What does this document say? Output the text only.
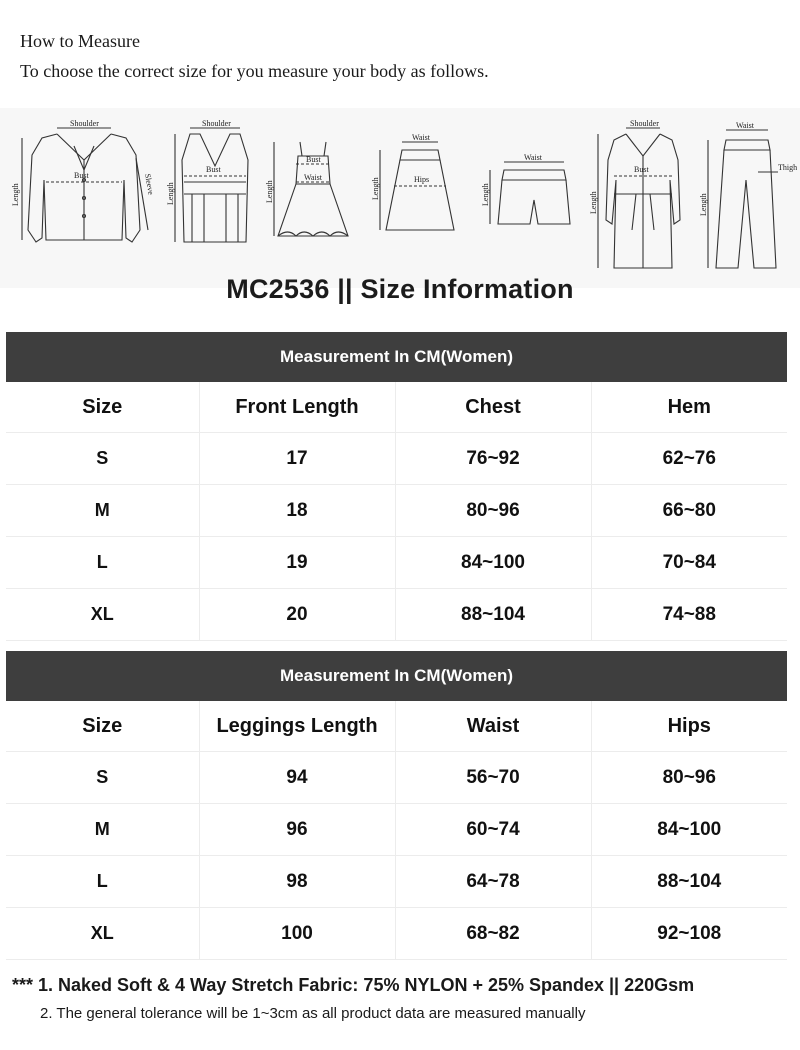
How to Measure
To choose the correct size for you measure your body as follows.
Shoulder
Bust
Length	Sleeve
Shoulder
Bust
Length
Bust
Waist
Length
Waist
Hips
Length
Waist
Length
Shoulder
Bust
Length
Waist
Thigh
Length
MC2536 || Size Information
Measurement In CM(Women)			
Size	Front Length	Chest	Hem
S	17	76~92	62~76
M	18	80~96	66~80
L	19	84~100	70~84
XL	20	88~104	74~88
Measurement In CM(Women)			
Size	Leggings Length	Waist	Hips
S	94	56~70	80~96
M	96	60~74	84~100
L	98	64~78	88~104
XL	100	68~82	92~108
*** 1. Naked Soft & 4 Way Stretch Fabric: 75% NYLON + 25% Spandex || 220Gsm
2. The general tolerance will be 1~3cm as all product data are measured manually
